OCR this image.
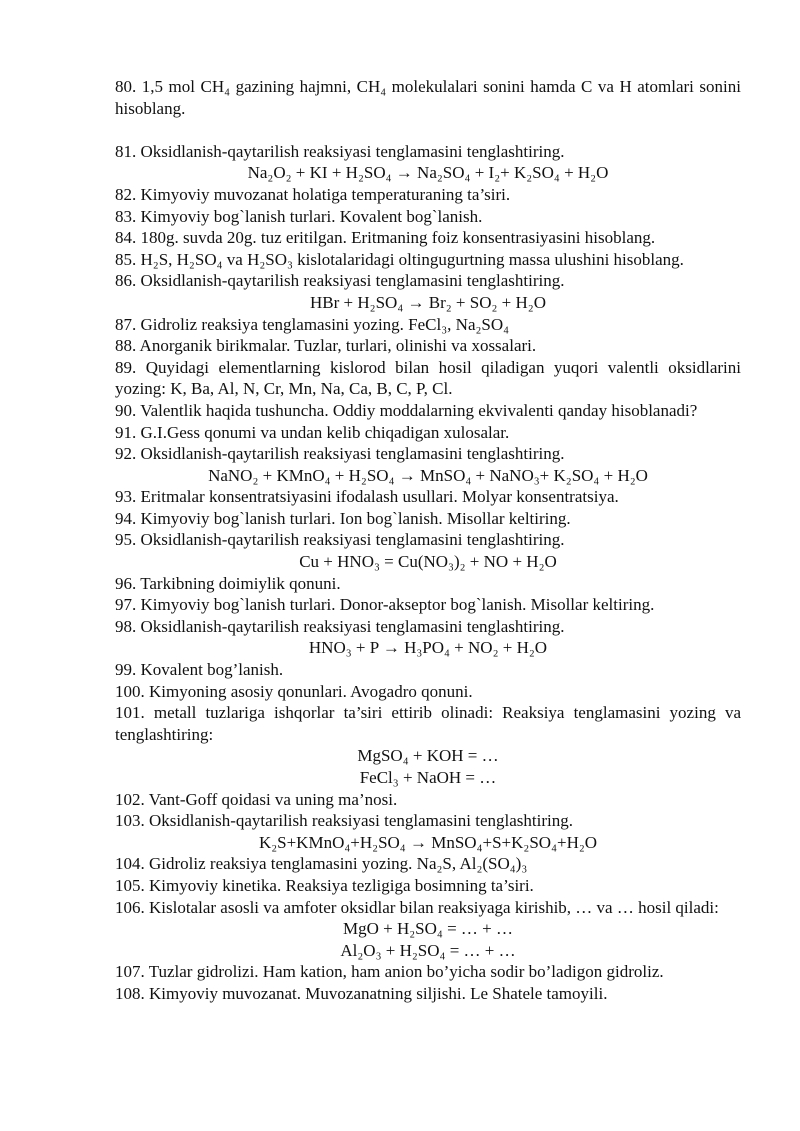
80. 1,5 mol CH₄ gazining hajmni, CH₄ molekulalari sonini hamda C va H atomlari sonini hisoblang.
81. Oksidlanish-qaytarilish reaksiyasi tenglamasini tenglashtiring.
Na₂O₂ + KI + H₂SO₄ → Na₂SO₄ + I₂+ K₂SO₄ + H₂O
82. Kimyoviy muvozanat holatiga temperaturaning ta’siri.
83. Kimyoviy bog`lanish turlari. Kovalent bog`lanish.
84. 180g. suvda 20g. tuz eritilgan. Eritmaning foiz konsentrasiyasini hisoblang.
85. H₂S, H₂SO₄ va H₂SO₃ kislotalaridagi oltingugurtning massa ulushini hisoblang.
86. Oksidlanish-qaytarilish reaksiyasi tenglamasini tenglashtiring.
HBr + H₂SO₄ → Br₂ + SO₂ + H₂O
87. Gidroliz reaksiya tenglamasini yozing. FeCl₃, Na₂SO₄
88. Anorganik birikmalar. Tuzlar, turlari, olinishi va xossalari.
89. Quyidagi elementlarning kislorod bilan hosil qiladigan yuqori valentli oksidlarini yozing: K, Ba, Al, N, Cr, Mn, Na, Ca, B, C, P, Cl.
90. Valentlik haqida tushuncha. Oddiy moddalarning ekvivalenti qanday hisoblanadi?
91. G.I.Gess qonumi va undan kelib chiqadigan xulosalar.
92. Oksidlanish-qaytarilish reaksiyasi tenglamasini tenglashtiring.
NaNO₂ + KMnO₄ + H₂SO₄ → MnSO₄ + NaNO₃+ K₂SO₄ + H₂O
93. Eritmalar konsentratsiyasini ifodalash usullari. Molyar konsentratsiya.
94. Kimyoviy bog`lanish turlari. Ion bog`lanish. Misollar keltiring.
95. Oksidlanish-qaytarilish reaksiyasi tenglamasini tenglashtiring.
Cu + HNO₃ = Cu(NO₃)₂ + NO + H₂O
96. Tarkibning doimiylik qonuni.
97. Kimyoviy bog`lanish turlari. Donor-akseptor bog`lanish. Misollar keltiring.
98. Oksidlanish-qaytarilish reaksiyasi tenglamasini tenglashtiring.
HNO₃ + P → H₃PO₄ + NO₂ + H₂O
99. Kovalent bog’lanish.
100. Kimyoning asosiy qonunlari. Avogadro qonuni.
101. metall tuzlariga ishqorlar ta’siri ettirib olinadi: Reaksiya tenglamasini yozing va tenglashtiring:
MgSO₄ + KOH = …
FeCl₃ + NaOH = …
102. Vant-Goff qoidasi va uning ma’nosi.
103. Oksidlanish-qaytarilish reaksiyasi tenglamasini tenglashtiring.
K₂S+KMnO₄+H₂SO₄ → MnSO₄+S+K₂SO₄+H₂O
104. Gidroliz reaksiya tenglamasini yozing. Na₂S, Al₂(SO₄)₃
105. Kimyoviy kinetika. Reaksiya tezligiga bosimning ta’siri.
106. Kislotalar asosli va amfoter oksidlar bilan reaksiyaga kirishib, … va … hosil qiladi:
MgO + H₂SO₄ = … + …
Al₂O₃ + H₂SO₄ = … + …
107. Tuzlar gidrolizi. Ham kation, ham anion bo’yicha sodir bo’ladigon gidroliz.
108. Kimyoviy muvozanat. Muvozanatning siljishi. Le Shatele tamoyili.
